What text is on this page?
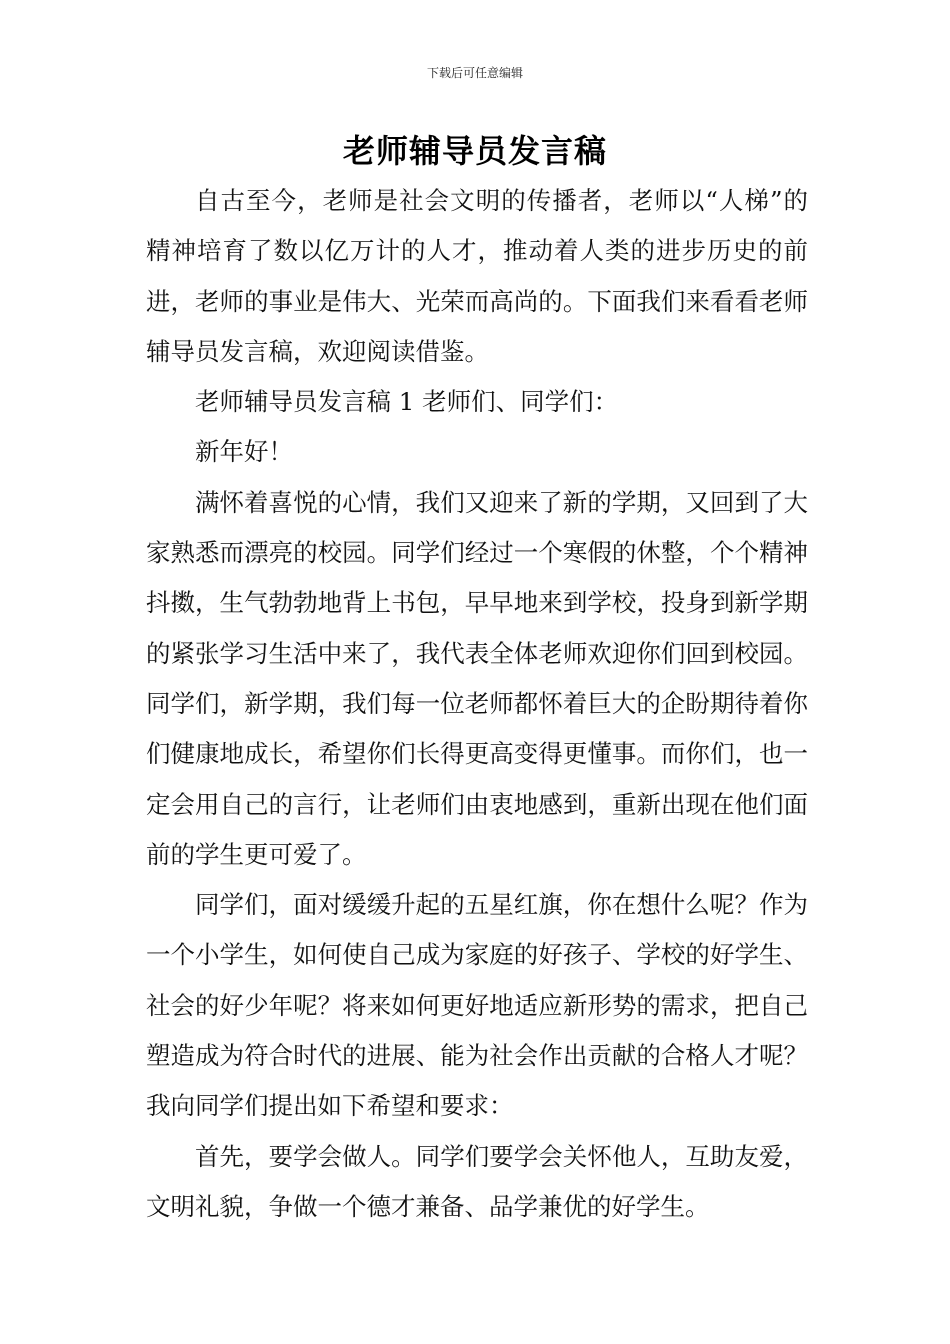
下载后可任意编辑
老师辅导员发言稿

自古至今，老师是社会文明的传播者，老师以“人梯”的精神培育了数以亿万计的人才，推动着人类的进步历史的前进，老师的事业是伟大、光荣而高尚的。下面我们来看看老师辅导员发言稿，欢迎阅读借鉴。

老师辅导员发言稿 1 老师们、同学们：

新年好！

满怀着喜悦的心情，我们又迎来了新的学期，又回到了大家熟悉而漂亮的校园。同学们经过一个寒假的休整，个个精神抖擞，生气勃勃地背上书包，早早地来到学校，投身到新学期的紧张学习生活中来了，我代表全体老师欢迎你们回到校园。同学们，新学期，我们每一位老师都怀着巨大的企盼期待着你们健康地成长，希望你们长得更高变得更懂事。而你们，也一定会用自己的言行，让老师们由衷地感到，重新出现在他们面前的学生更可爱了。

同学们，面对缓缓升起的五星红旗，你在想什么呢？作为一个小学生，如何使自己成为家庭的好孩子、学校的好学生、社会的好少年呢？将来如何更好地适应新形势的需求，把自己塑造成为符合时代的进展、能为社会作出贡献的合格人才呢？我向同学们提出如下希望和要求：

首先，要学会做人。同学们要学会关怀他人，互助友爱，文明礼貌，争做一个德才兼备、品学兼优的好学生。
